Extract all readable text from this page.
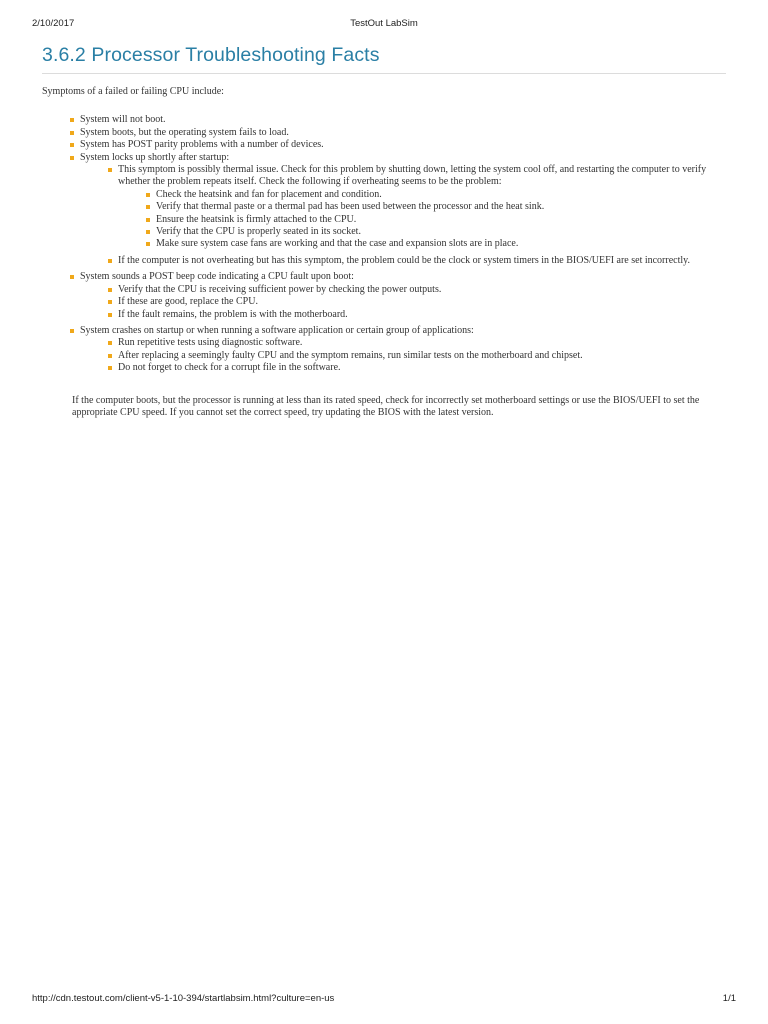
2/10/2017	TestOut LabSim
3.6.2 Processor Troubleshooting Facts

Symptoms of a failed or failing CPU include:

System will not boot.
System boots, but the operating system fails to load.
System has POST parity problems with a number of devices.
System locks up shortly after startup:
This symptom is possibly thermal issue. Check for this problem by shutting down, letting the system cool off, and restarting the computer to verify whether the problem repeats itself. Check the following if overheating seems to be the problem:
Check the heatsink and fan for placement and condition.
Verify that thermal paste or a thermal pad has been used between the processor and the heat sink.
Ensure the heatsink is firmly attached to the CPU.
Verify that the CPU is properly seated in its socket.
Make sure system case fans are working and that the case and expansion slots are in place.
If the computer is not overheating but has this symptom, the problem could be the clock or system timers in the BIOS/UEFI are set incorrectly.
System sounds a POST beep code indicating a CPU fault upon boot:
Verify that the CPU is receiving sufficient power by checking the power outputs.
If these are good, replace the CPU.
If the fault remains, the problem is with the motherboard.
System crashes on startup or when running a software application or certain group of applications:
Run repetitive tests using diagnostic software.
After replacing a seemingly faulty CPU and the symptom remains, run similar tests on the motherboard and chipset.
Do not forget to check for a corrupt file in the software.

If the computer boots, but the processor is running at less than its rated speed, check for incorrectly set motherboard settings or use the BIOS/UEFI to set the appropriate CPU speed. If you cannot set the correct speed, try updating the BIOS with the latest version.

http://cdn.testout.com/client-v5-1-10-394/startlabsim.html?culture=en-us	1/1
